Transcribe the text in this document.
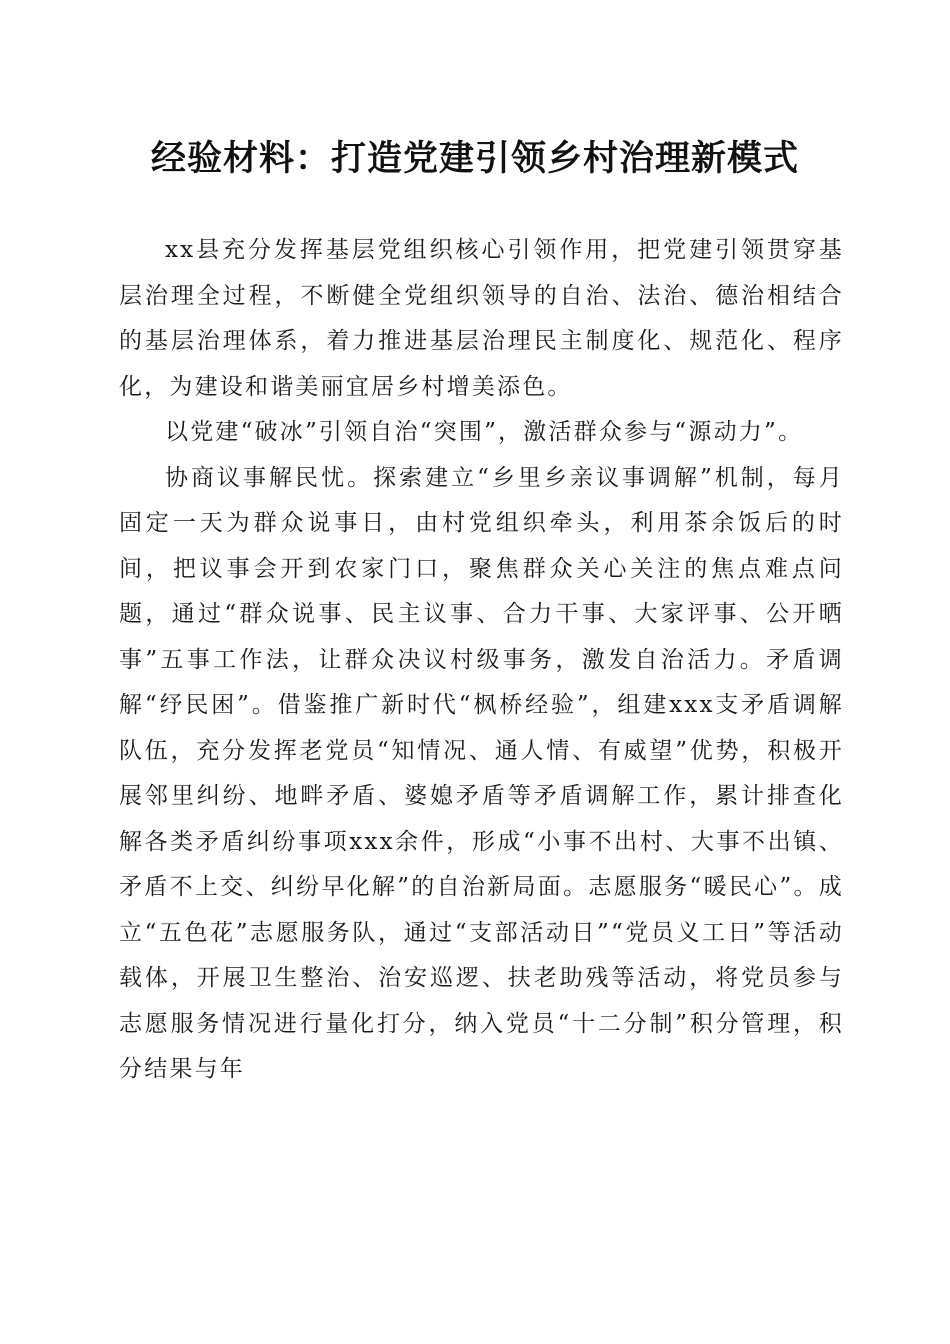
经验材料：打造党建引领乡村治理新模式

xx县充分发挥基层党组织核心引领作用，把党建引领贯穿基层治理全过程，不断健全党组织领导的自治、法治、德治相结合的基层治理体系，着力推进基层治理民主制度化、规范化、程序化，为建设和谐美丽宜居乡村增美添色。

以党建“破冰”引领自治“突围”，激活群众参与“源动力”。

协商议事解民忧。探索建立“乡里乡亲议事调解”机制，每月固定一天为群众说事日，由村党组织牵头，利用茶余饭后的时间，把议事会开到农家门口，聚焦群众关心关注的焦点难点问题，通过“群众说事、民主议事、合力干事、大家评事、公开晒事”五事工作法，让群众决议村级事务，激发自治活力。矛盾调解“纾民困”。借鉴推广新时代“枫桥经验”，组建xxx支矛盾调解队伍，充分发挥老党员“知情况、通人情、有威望”优势，积极开展邻里纠纷、地畔矛盾、婆媳矛盾等矛盾调解工作，累计排查化解各类矛盾纠纷事项xxx余件，形成“小事不出村、大事不出镇、矛盾不上交、纠纷早化解”的自治新局面。志愿服务“暖民心”。成立“五色花”志愿服务队，通过“支部活动日”“党员义工日”等活动载体，开展卫生整治、治安巡逻、扶老助残等活动，将党员参与志愿服务情况进行量化打分，纳入党员“十二分制”积分管理，积分结果与年
